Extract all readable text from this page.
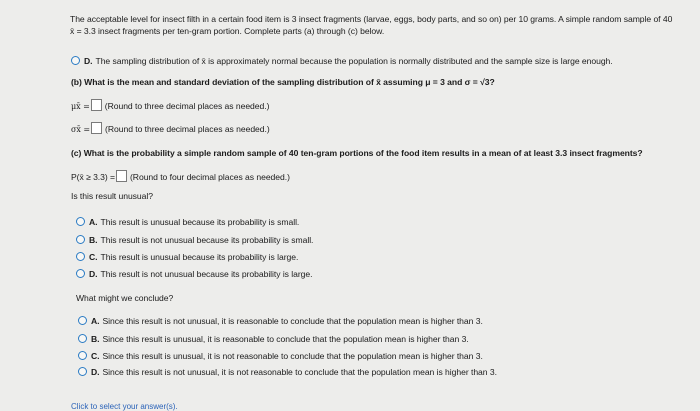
The acceptable level for insect filth in a certain food item is 3 insect fragments (larvae, eggs, body parts, and so on) per 10 grams. A simple random sample of 40
x̄ = 3.3 insect fragments per ten-gram portion. Complete parts (a) through (c) below.
D. The sampling distribution of x̄ is approximately normal because the population is normally distributed and the sample size is large enough.
(b) What is the mean and standard deviation of the sampling distribution of x̄ assuming μ = 3 and σ = √3?
μx̄ = (Round to three decimal places as needed.)
σx̄ = (Round to three decimal places as needed.)
(c) What is the probability a simple random sample of 40 ten-gram portions of the food item results in a mean of at least 3.3 insect fragments?
P(x̄ ≥ 3.3) = (Round to four decimal places as needed.)
Is this result unusual?
A. This result is unusual because its probability is small.
B. This result is not unusual because its probability is small.
C. This result is unusual because its probability is large.
D. This result is not unusual because its probability is large.
What might we conclude?
A. Since this result is not unusual, it is reasonable to conclude that the population mean is higher than 3.
B. Since this result is unusual, it is reasonable to conclude that the population mean is higher than 3.
C. Since this result is unusual, it is not reasonable to conclude that the population mean is higher than 3.
D. Since this result is not unusual, it is not reasonable to conclude that the population mean is higher than 3.
Click to select your answer(s).
